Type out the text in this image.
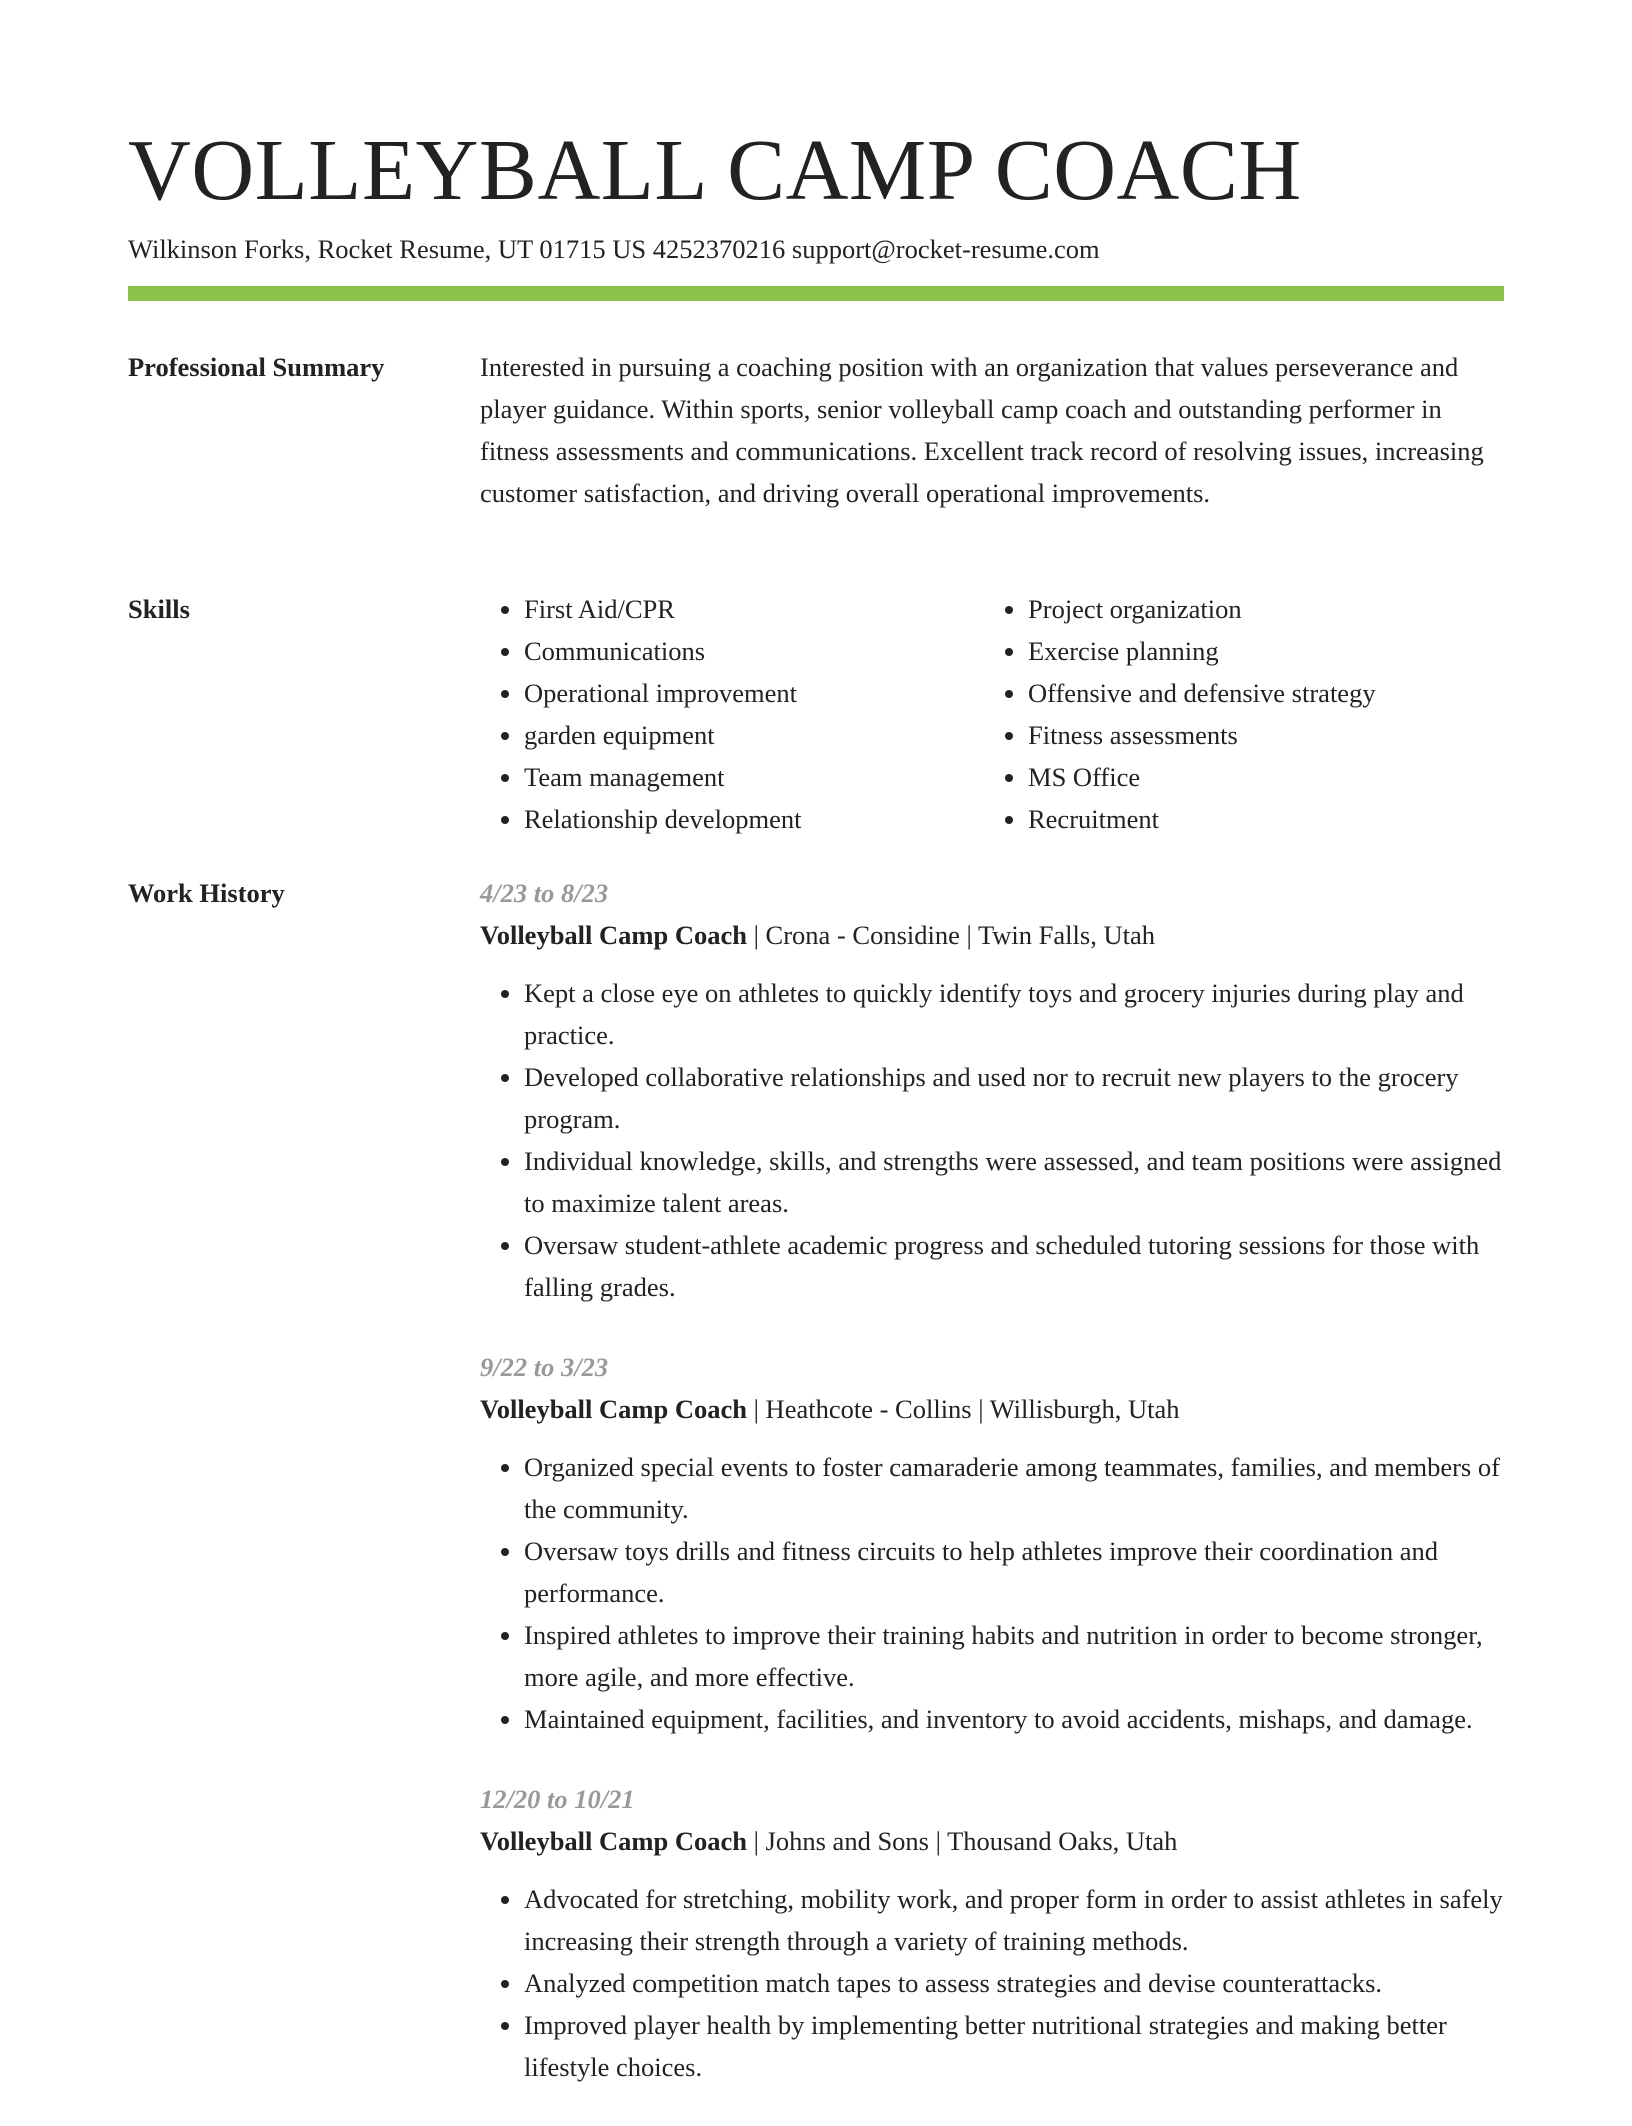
VOLLEYBALL CAMP COACH
Wilkinson Forks, Rocket Resume, UT 01715 US 4252370216 support@rocket-resume.com
Professional Summary	Interested in pursuing a coaching position with an organization that values perseverance and player guidance. Within sports, senior volleyball camp coach and outstanding performer in fitness assessments and communications. Excellent track record of resolving issues, increasing customer satisfaction, and driving overall operational improvements.

Skills
•	First Aid/CPR
• Communications
• Operational improvement
• garden equipment
• Team management
• Relationship development
• Project organization
• Exercise planning
• Offensive and defensive strategy
• Fitness assessments
• MS Office
• Recruitment
Work History	4/23 to 8/23
Volleyball Camp Coach | Crona - Considine | Twin Falls, Utah
• Kept a close eye on athletes to quickly identify toys and grocery injuries during play and practice.
• Developed collaborative relationships and used nor to recruit new players to the grocery program.
• Individual knowledge, skills, and strengths were assessed, and team positions were assigned to maximize talent areas.
• Oversaw student-athlete academic progress and scheduled tutoring sessions for those with falling grades.
9/22 to 3/23
Volleyball Camp Coach | Heathcote - Collins | Willisburgh, Utah
• Organized special events to foster camaraderie among teammates, families, and members of the community.
• Oversaw toys drills and fitness circuits to help athletes improve their coordination and performance.
• Inspired athletes to improve their training habits and nutrition in order to become stronger, more agile, and more effective.
• Maintained equipment, facilities, and inventory to avoid accidents, mishaps, and damage.
12/20 to 10/21
Volleyball Camp Coach | Johns and Sons | Thousand Oaks, Utah
• Advocated for stretching, mobility work, and proper form in order to assist athletes in safely increasing their strength through a variety of training methods.
• Analyzed competition match tapes to assess strategies and devise counterattacks.
• Improved player health by implementing better nutritional strategies and making better lifestyle choices.
